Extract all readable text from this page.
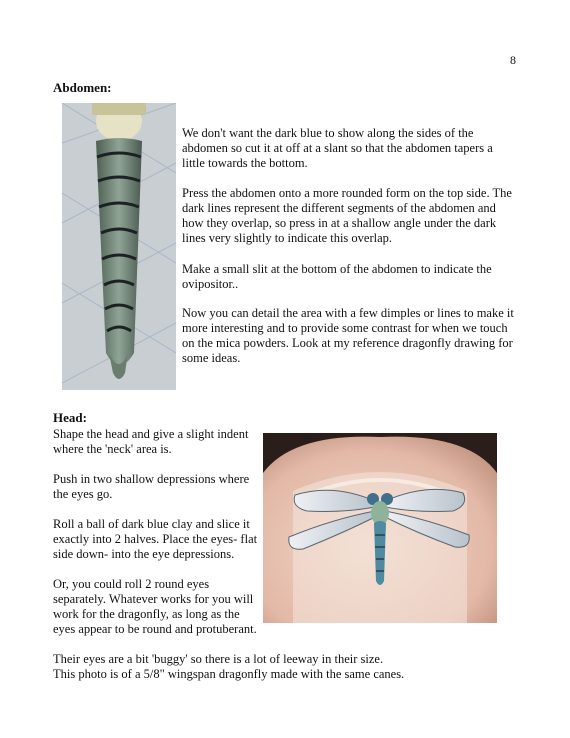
8
Abdomen:

We don't want the dark blue to show along the sides of the abdomen so cut it at off at a slant so that the abdomen tapers a little towards the bottom.

Press the abdomen onto a more rounded form on the top side. The dark lines represent the different segments of the abdomen and how they overlap, so press in at a shallow angle under the dark lines very slightly to indicate this overlap.

Make a small slit at the bottom of the abdomen to indicate the ovipositor..

Now you can detail the area with a few dimples or lines to make it more interesting and to provide some contrast for when we touch on the mica powders. Look at my reference dragonfly drawing for some ideas.

Head:

Shape the head and give a slight indent where the 'neck' area is.

Push in two shallow depressions where the eyes go.

Roll a ball of dark blue clay and slice it exactly into 2 halves. Place the eyes- flat side down- into the eye depressions.

Or, you could roll 2 round eyes separately. Whatever works for you will work for the dragonfly, as long as the eyes appear to be round and protuberant.

Their eyes are a bit 'buggy' so there is a lot of leeway in their size.

This photo is of a 5/8" wingspan dragonfly made with the same canes.
